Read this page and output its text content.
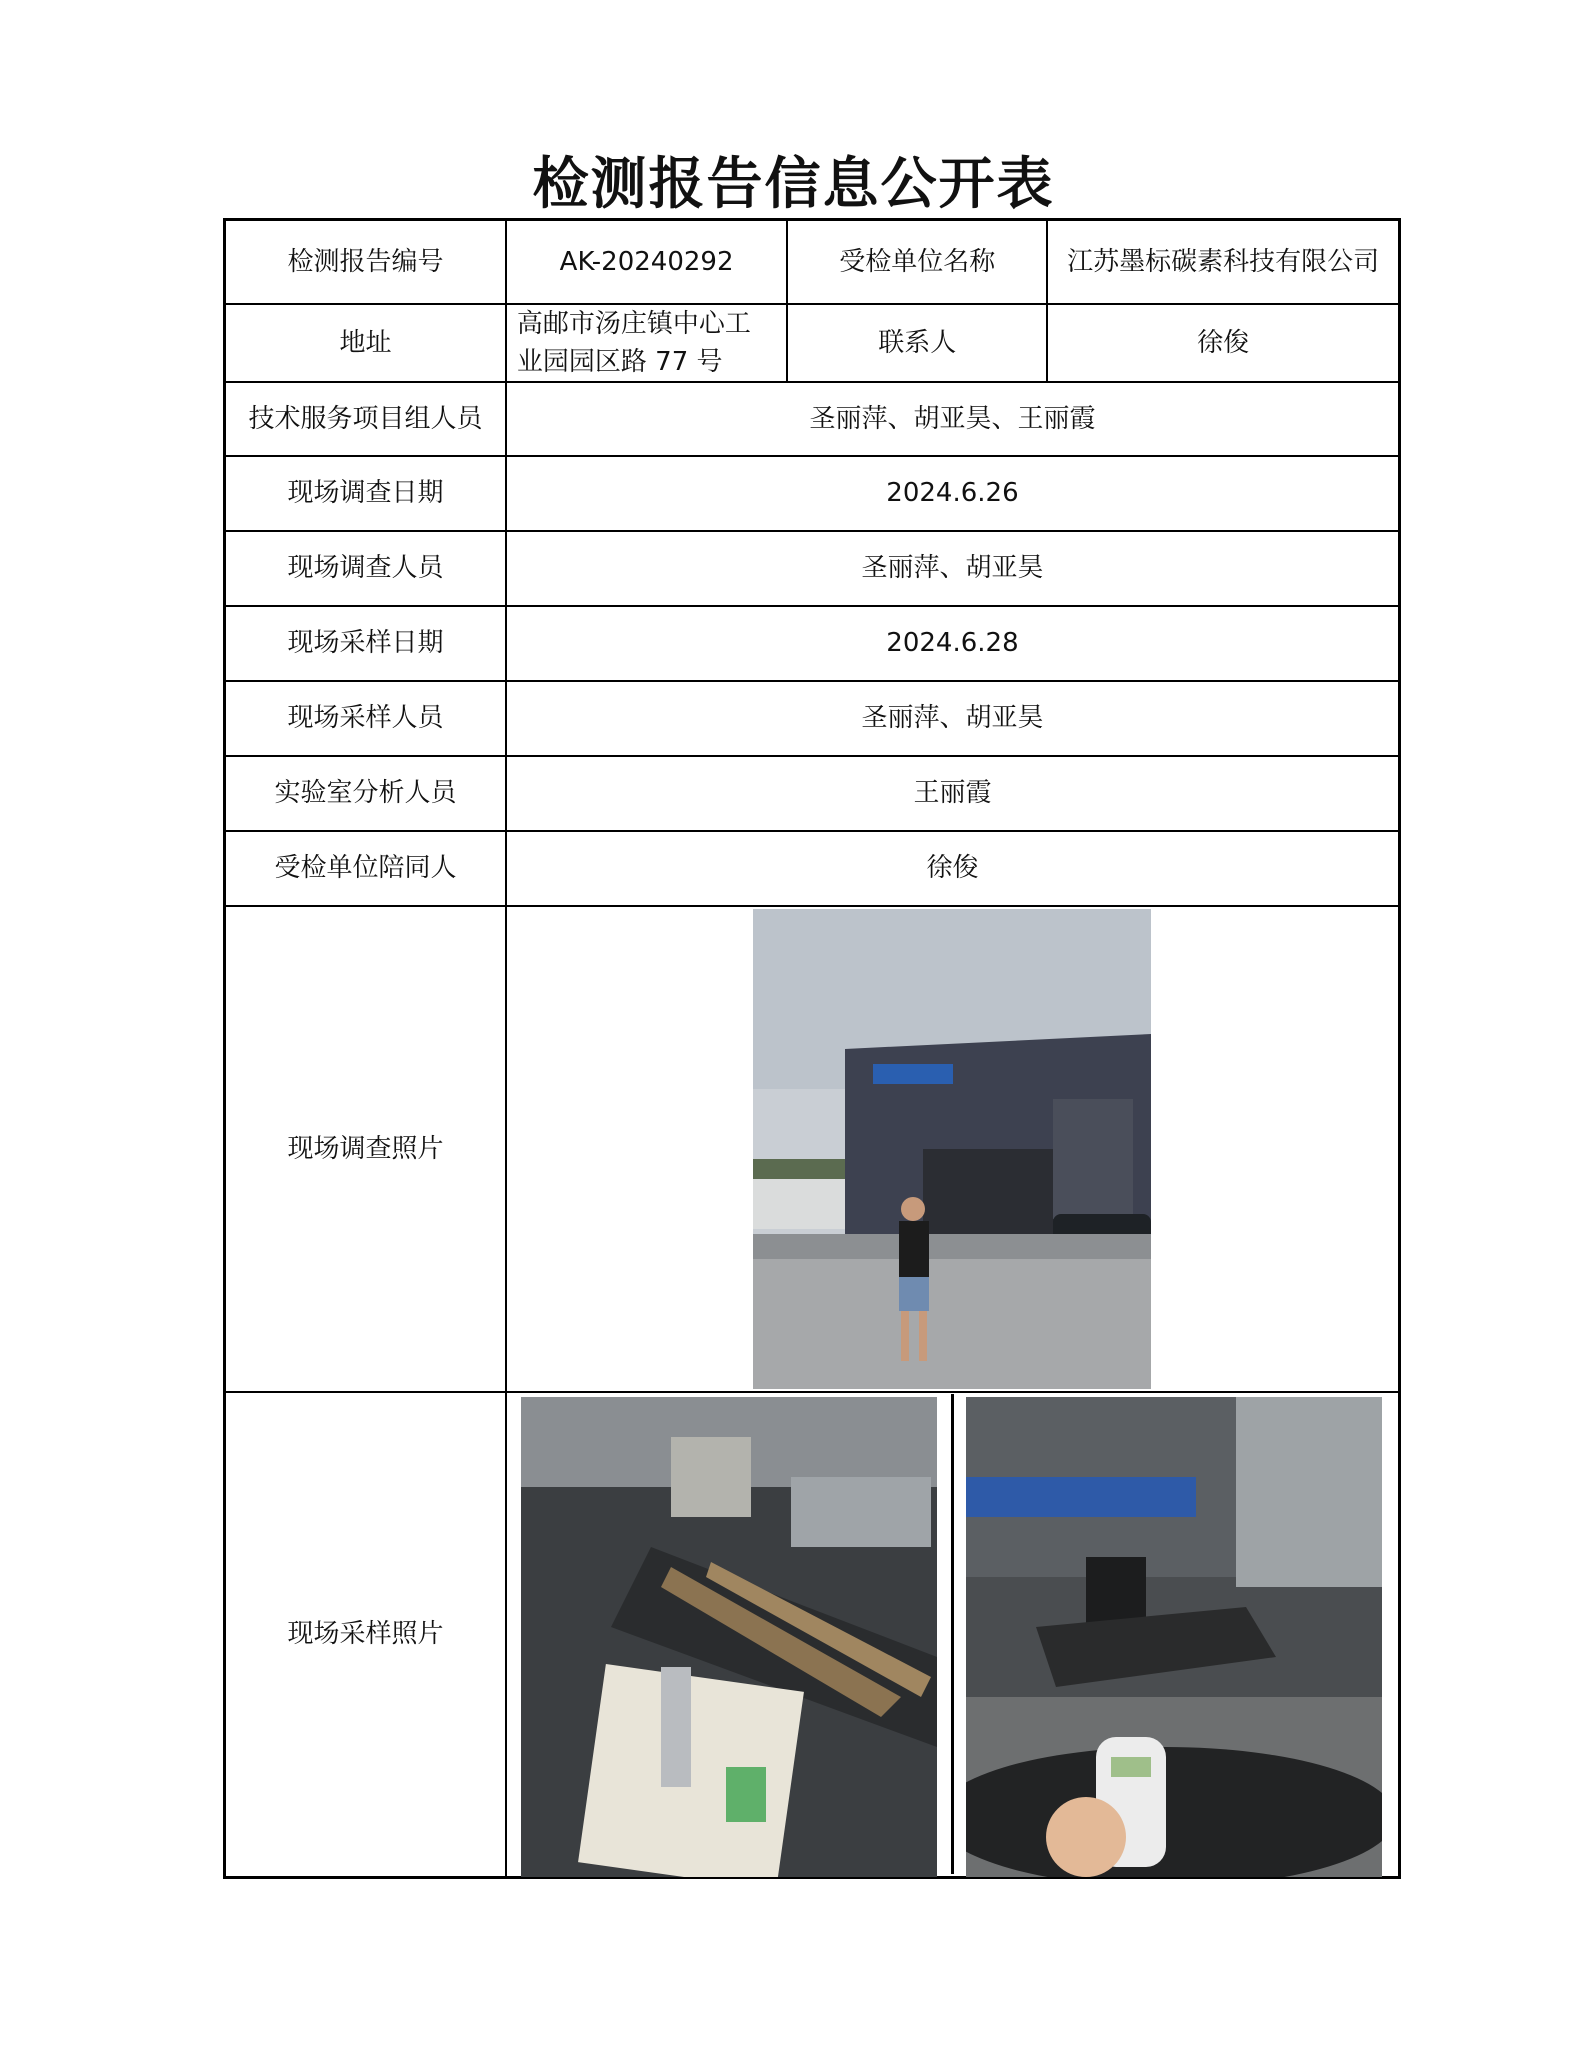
检测报告信息公开表
检测报告编号	AK-20240292	受检单位名称	江苏墨标碳素科技有限公司
地址	高邮市汤庄镇中心工业园园区路 77 号	联系人	徐俊
技术服务项目组人员	圣丽萍、胡亚昊、王丽霞		
现场调查日期	2024.6.26		
现场调查人员	圣丽萍、胡亚昊		
现场采样日期	2024.6.28		
现场采样人员	圣丽萍、胡亚昊		
实验室分析人员	王丽霞		
受检单位陪同人	徐俊		
现场调查照片	

现场采样照片	
